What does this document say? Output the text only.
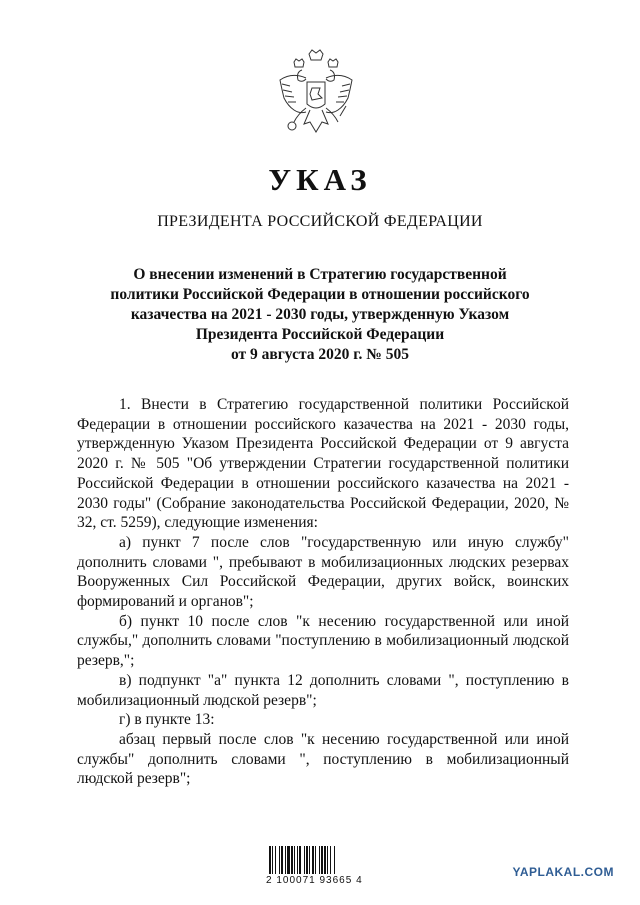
УКАЗ
ПРЕЗИДЕНТА РОССИЙСКОЙ ФЕДЕРАЦИИ
О внесении изменений в Стратегию государственной
политики Российской Федерации в отношении российского
казачества на 2021 - 2030 годы, утвержденную Указом
Президента Российской Федерации
от 9 августа 2020 г. № 505

1. Внести в Стратегию государственной политики Российской Федерации в отношении российского казачества на 2021 - 2030 годы, утвержденную Указом Президента Российской Федерации от 9 августа 2020 г. № 505 "Об утверждении Стратегии государственной политики Российской Федерации в отношении российского казачества на 2021 - 2030 годы" (Собрание законодательства Российской Федерации, 2020, № 32, ст. 5259), следующие изменения:

а) пункт 7 после слов "государственную или иную службу" дополнить словами ", пребывают в мобилизационных людских резервах Вооруженных Сил Российской Федерации, других войск, воинских формирований и органов";

б) пункт 10 после слов "к несению государственной или иной службы," дополнить словами "поступлению в мобилизационный людской резерв,";

в) подпункт "а" пункта 12 дополнить словами ", поступлению в мобилизационный людской резерв";

г) в пункте 13:

абзац первый после слов "к несению государственной или иной службы" дополнить словами ", поступлению в мобилизационный людской резерв";

2 100071 93665 4
YAPLAKAL.COM
